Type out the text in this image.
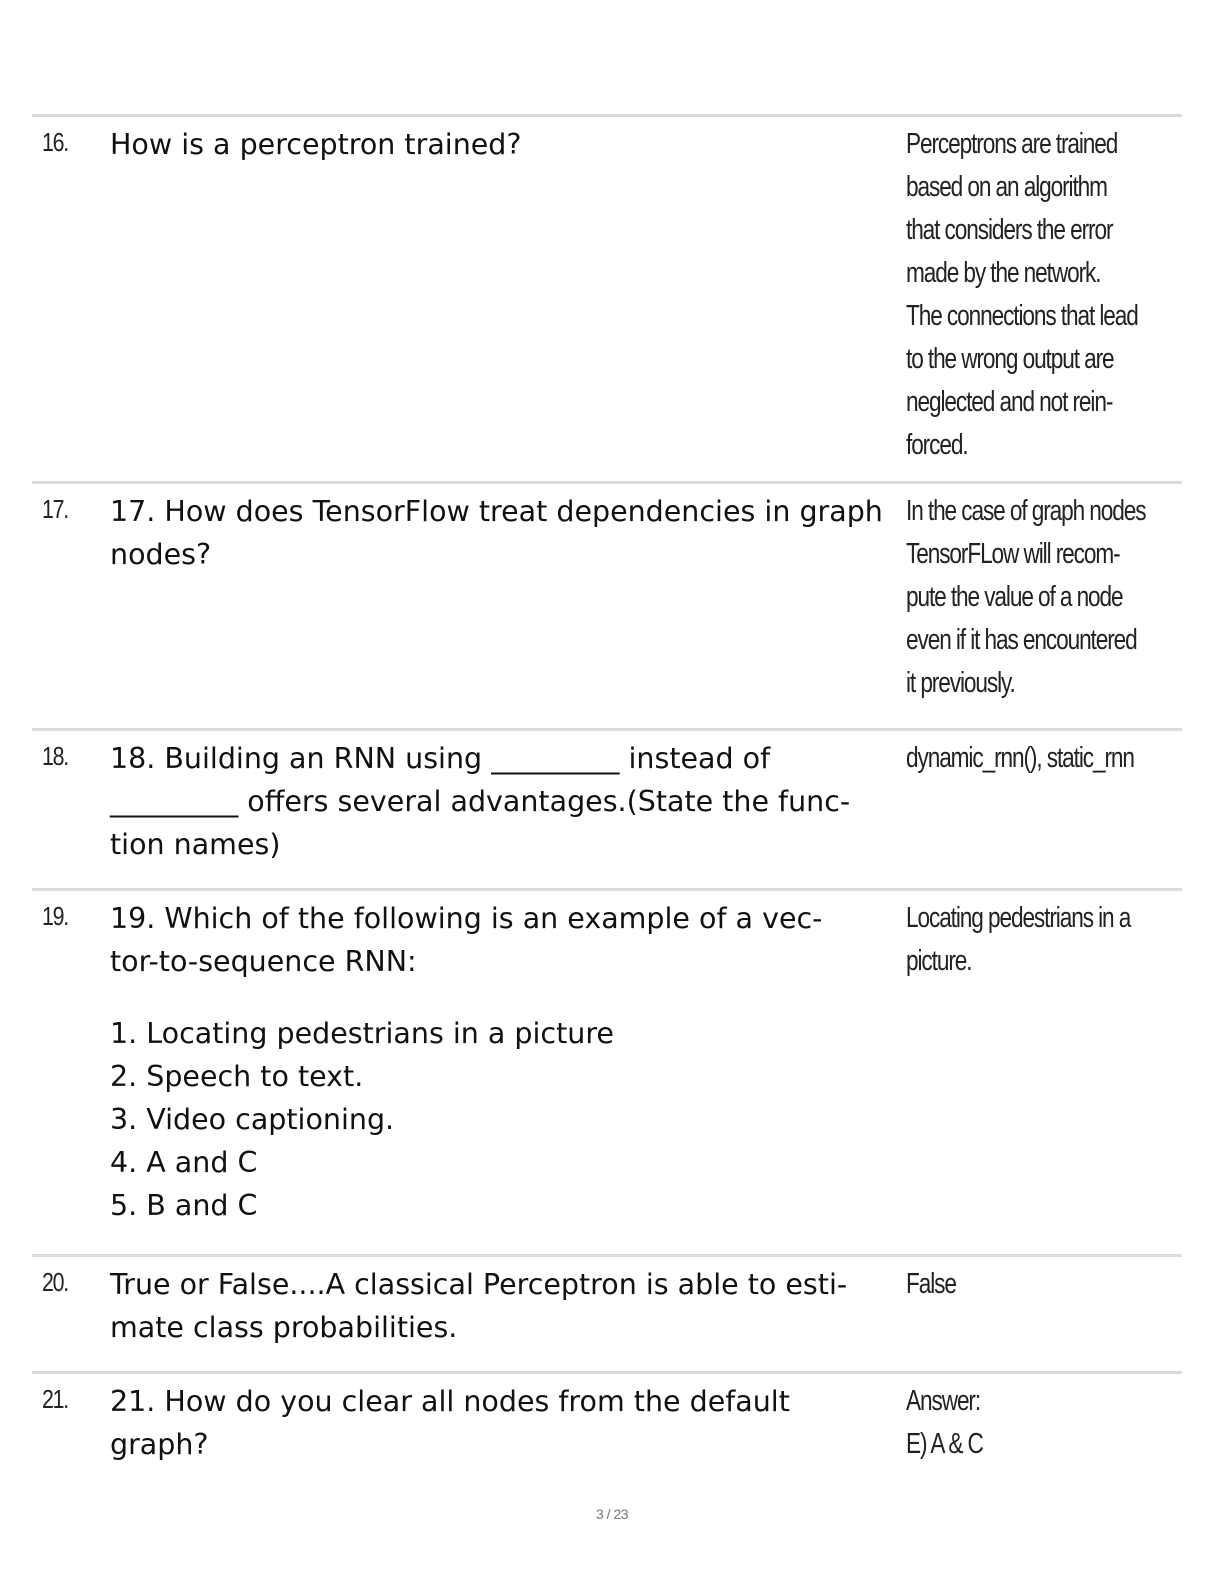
16. How is a perceptron trained?	Perceptrons are trained
based on an algorithm
that considers the error
made by the network.
The connections that lead
to the wrong output are
neglected and not rein-
forced.
17. 17. How does TensorFlow treat dependencies in graph
nodes?
In the case of graph nodes
TensorFLow will recom-
pute the value of a node
even if it has encountered
it previously.
18. 18. Building an RNN using _________ instead of
_________ offers several advantages.(State the func-
tion names)
dynamic_rnn(), static_rnn
19. 19. Which of the following is an example of a vec-
tor-to-sequence RNN:
1. Locating pedestrians in a picture
2. Speech to text.
3. Video captioning.
4. A and C
5. B and C
Locating pedestrians in a
picture.
20. True or False....A classical Perceptron is able to esti-
mate class probabilities.
False
21. 21. How do you clear all nodes from the default
graph?
Answer:
E) A & C
3 / 23
